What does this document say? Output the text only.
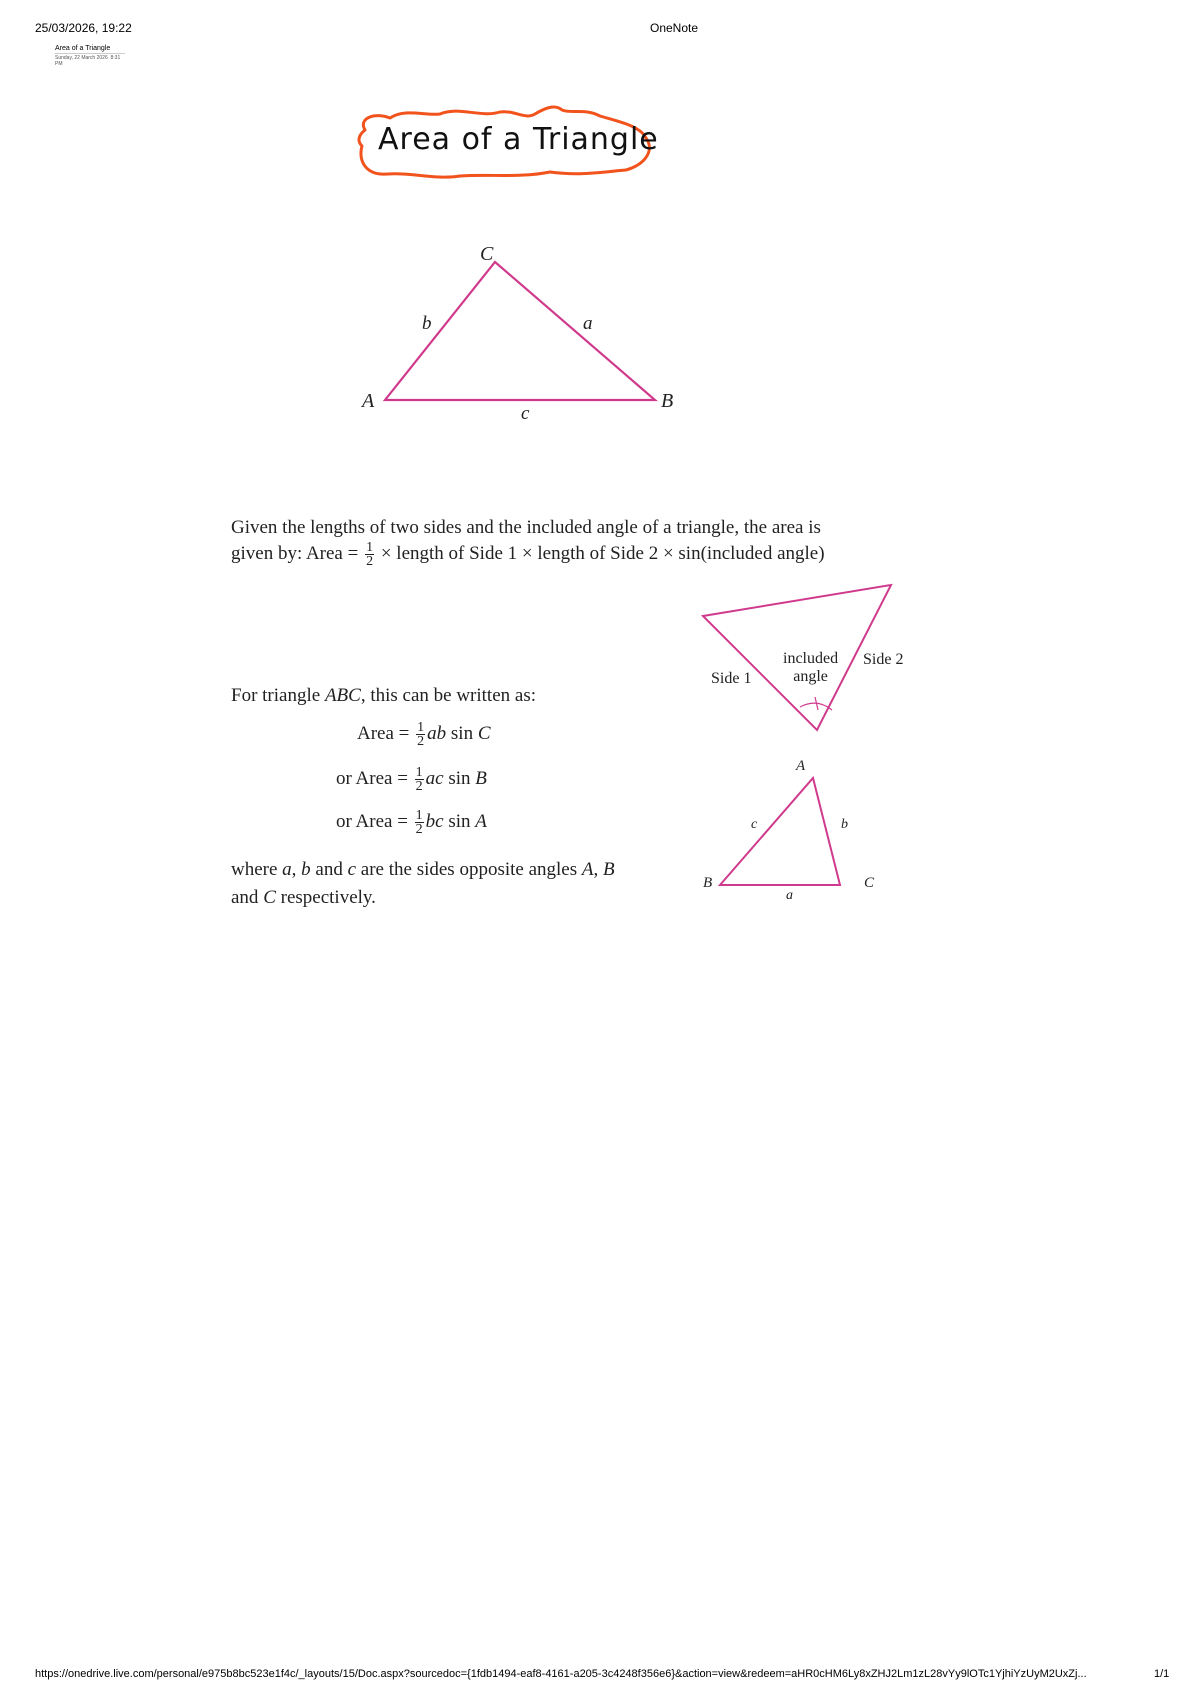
25/03/2026, 19:22	OneNote
Area of a Triangle
Sunday, 22 March 2026 8:31 PM
Area of a Triangle
C
A	B
b	a
c
Given the lengths of two sides and the included angle of a triangle, the area is
given by: Area = $\frac{1}{2}$ × length of Side 1 × length of Side 2 × sin(included angle)
Side 1
Side 2
included
angle
For triangle ABC, this can be written as:
Area = $\frac{1}{2}$ ab sin C
or Area = $\frac{1}{2}$ ac sin B
or Area = $\frac{1}{2}$ bc sin A
where a, b and c are the sides opposite angles A, B
and C respectively.
A
B	C
c	b
a
https://onedrive.live.com/personal/e975b8bc523e1f4c/_layouts/15/Doc.aspx?sourcedoc={1fdb1494-eaf8-4161-a205-3c4248f356e6}&action=view&redeem=aHR0cHM6Ly8xZHJ2Lm1zL28vYy9lOTc1YjhiYzUyM2UxZj...	1/1
